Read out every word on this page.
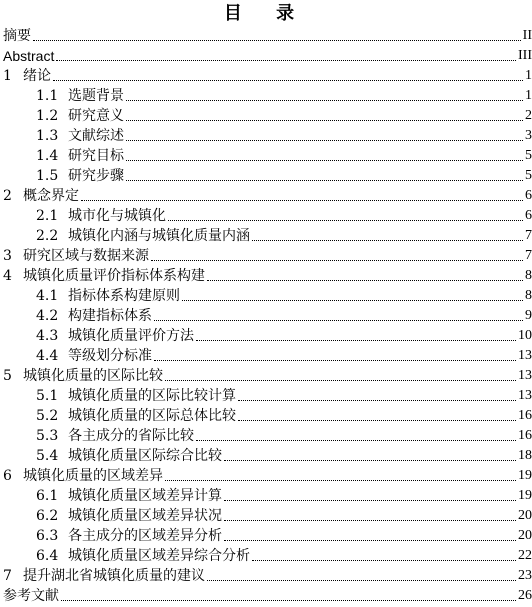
目 录
摘要	II
Abstract	III
1 绪论	1
1.1 选题背景	1
1.2 研究意义	2
1.3 文献综述	3
1.4 研究目标	5
1.5 研究步骤	5
2 概念界定	6
2.1 城市化与城镇化	6
2.2 城镇化内涵与城镇化质量内涵	7
3 研究区域与数据来源	7
4 城镇化质量评价指标体系构建	8
4.1 指标体系构建原则	8
4.2 构建指标体系	9
4.3 城镇化质量评价方法	10
4.4 等级划分标准	13
5 城镇化质量的区际比较	13
5.1 城镇化质量的区际比较计算	13
5.2 城镇化质量的区际总体比较	16
5.3 各主成分的省际比较	16
5.4 城镇化质量区际综合比较	18
6 城镇化质量的区域差异	19
6.1 城镇化质量区域差异计算	19
6.2 城镇化质量区域差异状况	20
6.3 各主成分的区域差异分析	20
6.4 城镇化质量区域差异综合分析	22
7 提升湖北省城镇化质量的建议	23
参考文献	26
